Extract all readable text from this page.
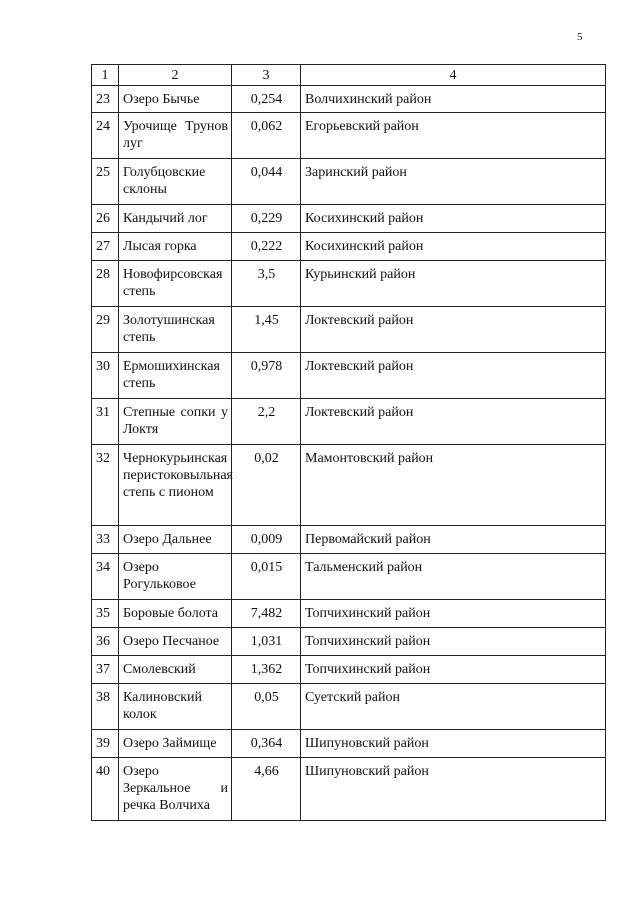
5
1	2	3	4
23	Озеро Бычье	0,254	Волчихинский район
24	Урочище Трунов луг	0,062	Егорьевский район
25	Голубцовские склоны	0,044	Заринский район
26	Кандычий лог	0,229	Косихинский район
27	Лысая горка	0,222	Косихинский район
28	Новофирсовская степь	3,5	Курьинский район
29	Золотушинская степь	1,45	Локтевский район
30	Ермошихинская степь	0,978	Локтевский район
31	Степные сопки у Локтя	2,2	Локтевский район
32	Чернокурьинская перистоковыльная степь с пионом	0,02	Мамонтовский район
33	Озеро Дальнее	0,009	Первомайский район
34	Озеро Рогульковое	0,015	Тальменский район
35	Боровые болота	7,482	Топчихинский район
36	Озеро Песчаное	1,031	Топчихинский район
37	Смолевский	1,362	Топчихинский район
38	Калиновский колок	0,05	Суетский район
39	Озеро Займище	0,364	Шипуновский район
40	Озеро Зеркальное и речка Волчиха	4,66	Шипуновский район
